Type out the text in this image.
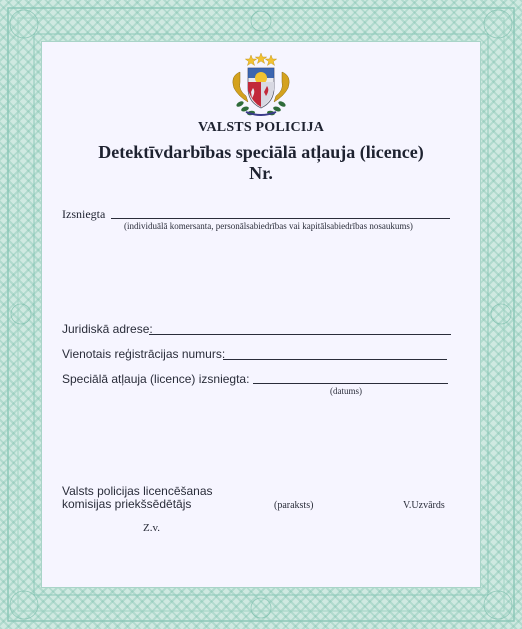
VALSTS POLICIJA
Detektīvdarbības speciālā atļauja (licence)
Nr.
Izsniegta
(individuālā komersanta, personālsabiedrības vai kapitālsabiedrības nosaukums)
Juridiskā adrese:
Vienotais reģistrācijas numurs:
Speciālā atļauja (licence) izsniegta:
(datums)
Valsts policijas licencēšanas
komisijas priekšsēdētājs	(paraksts)	V.Uzvārds
Z.v.
